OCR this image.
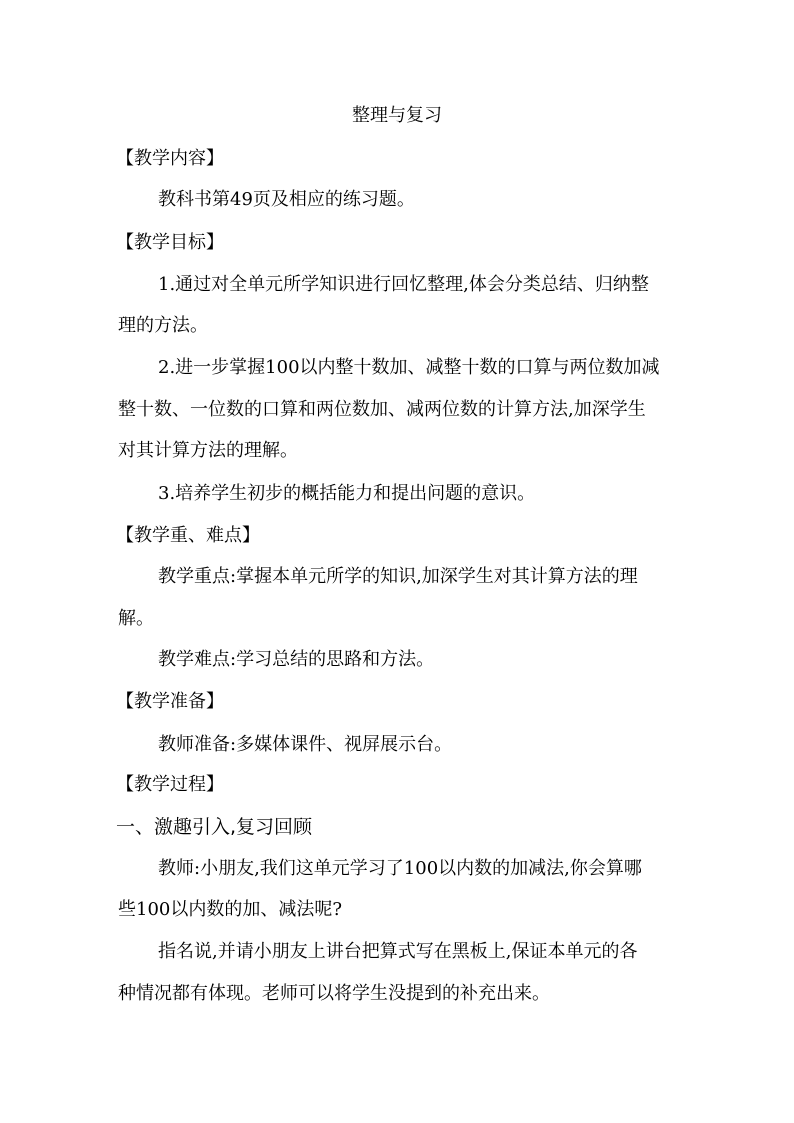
整理与复习
【教学内容】
教科书第49页及相应的练习题。
【教学目标】
1.通过对全单元所学知识进行回忆整理,体会分类总结、归纳整
理的方法。
2.进一步掌握100以内整十数加、减整十数的口算与两位数加减
整十数、一位数的口算和两位数加、减两位数的计算方法,加深学生
对其计算方法的理解。
3.培养学生初步的概括能力和提出问题的意识。
【教学重、难点】
教学重点:掌握本单元所学的知识,加深学生对其计算方法的理
解。
教学难点:学习总结的思路和方法。
【教学准备】
教师准备:多媒体课件、视屏展示台。
【教学过程】
一、激趣引入,复习回顾
教师:小朋友,我们这单元学习了100以内数的加减法,你会算哪
些100以内数的加、减法呢?
指名说,并请小朋友上讲台把算式写在黑板上,保证本单元的各
种情况都有体现。老师可以将学生没提到的补充出来。
